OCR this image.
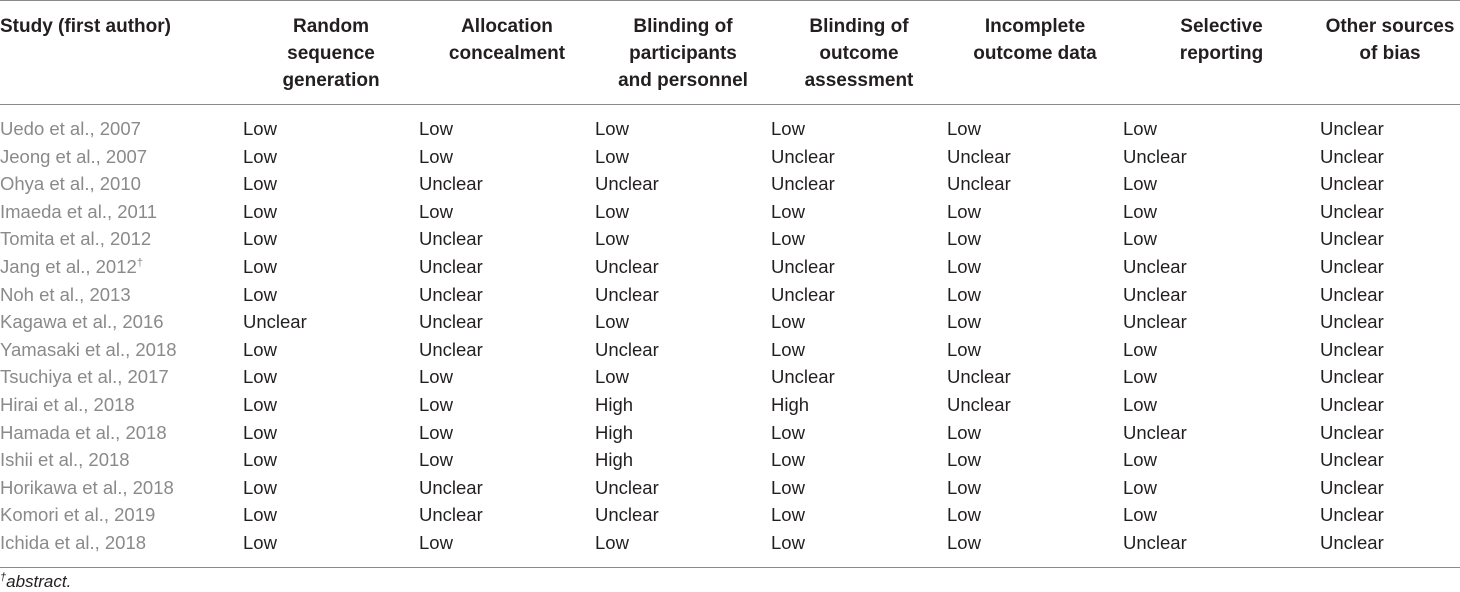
Study (first author)	Random
sequence
generation	Allocation
concealment	Blinding of
participants
and personnel	Blinding of
outcome
assessment	Incomplete
outcome data	Selective
reporting	Other sources
of bias
Uedo et al., 2007	Low	Low	Low	Low	Low	Low	Unclear
Jeong et al., 2007	Low	Low	Low	Unclear	Unclear	Unclear	Unclear
Ohya et al., 2010	Low	Unclear	Unclear	Unclear	Unclear	Low	Unclear
Imaeda et al., 2011	Low	Low	Low	Low	Low	Low	Unclear
Tomita et al., 2012	Low	Unclear	Low	Low	Low	Low	Unclear
Jang et al., 2012†	Low	Unclear	Unclear	Unclear	Low	Unclear	Unclear
Noh et al., 2013	Low	Unclear	Unclear	Unclear	Low	Unclear	Unclear
Kagawa et al., 2016	Unclear	Unclear	Low	Low	Low	Unclear	Unclear
Yamasaki et al., 2018	Low	Unclear	Unclear	Low	Low	Low	Unclear
Tsuchiya et al., 2017	Low	Low	Low	Unclear	Unclear	Low	Unclear
Hirai et al., 2018	Low	Low	High	High	Unclear	Low	Unclear
Hamada et al., 2018	Low	Low	High	Low	Low	Unclear	Unclear
Ishii et al., 2018	Low	Low	High	Low	Low	Low	Unclear
Horikawa et al., 2018	Low	Unclear	Unclear	Low	Low	Low	Unclear
Komori et al., 2019	Low	Unclear	Unclear	Low	Low	Low	Unclear
Ichida et al., 2018	Low	Low	Low	Low	Low	Unclear	Unclear
†abstract.
